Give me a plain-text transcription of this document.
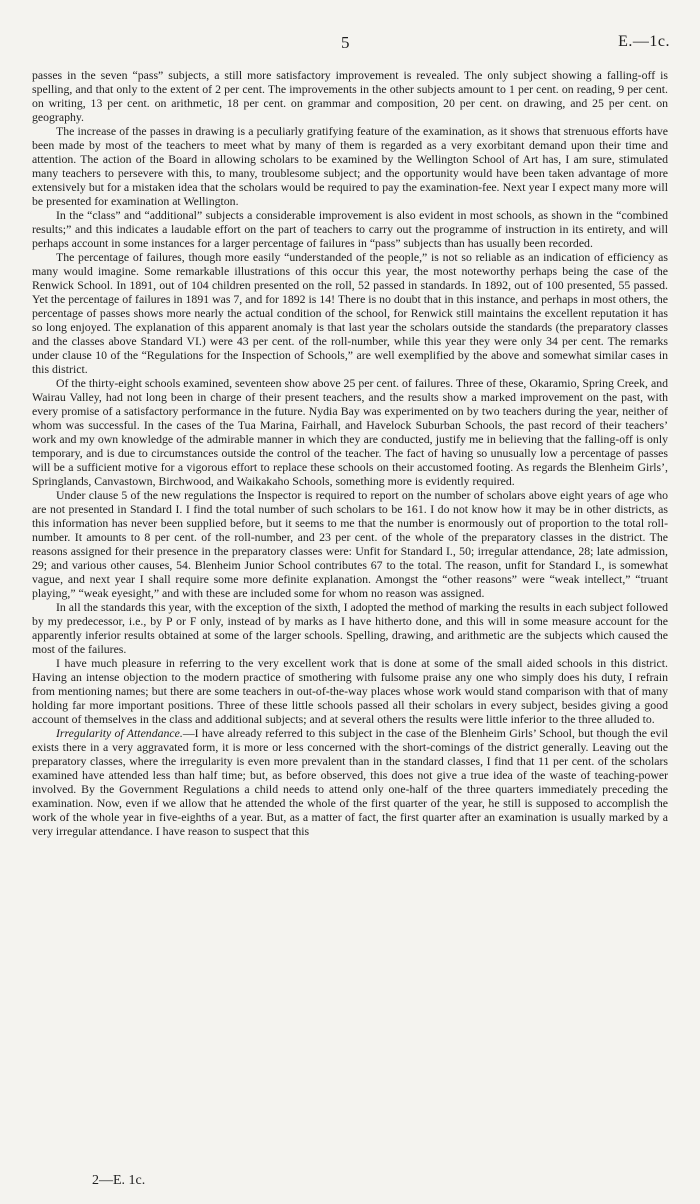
5	E.—1c.

passes in the seven “pass” subjects, a still more satisfactory improvement is revealed. The only subject showing a falling-off is spelling, and that only to the extent of 2 per cent. The improvements in the other subjects amount to 1 per cent. on reading, 9 per cent. on writing, 13 per cent. on arithmetic, 18 per cent. on grammar and composition, 20 per cent. on drawing, and 25 per cent. on geography.

The increase of the passes in drawing is a peculiarly gratifying feature of the examination, as it shows that strenuous efforts have been made by most of the teachers to meet what by many of them is regarded as a very exorbitant demand upon their time and attention. The action of the Board in allowing scholars to be examined by the Wellington School of Art has, I am sure, stimulated many teachers to persevere with this, to many, troublesome subject; and the opportunity would have been taken advantage of more extensively but for a mistaken idea that the scholars would be required to pay the examination-fee. Next year I expect many more will be presented for examination at Wellington.

In the “class” and “additional” subjects a considerable improvement is also evident in most schools, as shown in the “combined results;” and this indicates a laudable effort on the part of teachers to carry out the programme of instruction in its entirety, and will perhaps account in some instances for a larger percentage of failures in “pass” subjects than has usually been recorded.

The percentage of failures, though more easily “understanded of the people,” is not so reliable as an indication of efficiency as many would imagine. Some remarkable illustrations of this occur this year, the most noteworthy perhaps being the case of the Renwick School. In 1891, out of 104 children presented on the roll, 52 passed in standards. In 1892, out of 100 presented, 55 passed. Yet the percentage of failures in 1891 was 7, and for 1892 is 14! There is no doubt that in this instance, and perhaps in most others, the percentage of passes shows more nearly the actual condition of the school, for Renwick still maintains the excellent reputation it has so long enjoyed. The explanation of this apparent anomaly is that last year the scholars outside the standards (the preparatory classes and the classes above Standard VI.) were 43 per cent. of the roll-number, while this year they were only 34 per cent. The remarks under clause 10 of the “Regulations for the Inspection of Schools,” are well exemplified by the above and somewhat similar cases in this district.

Of the thirty-eight schools examined, seventeen show above 25 per cent. of failures. Three of these, Okaramio, Spring Creek, and Wairau Valley, had not long been in charge of their present teachers, and the results show a marked improvement on the past, with every promise of a satisfactory performance in the future. Nydia Bay was experimented on by two teachers during the year, neither of whom was successful. In the cases of the Tua Marina, Fairhall, and Havelock Suburban Schools, the past record of their teachers’ work and my own knowledge of the admirable manner in which they are conducted, justify me in believing that the falling-off is only temporary, and is due to circumstances outside the control of the teacher. The fact of having so unusually low a percentage of passes will be a sufficient motive for a vigorous effort to replace these schools on their accustomed footing. As regards the Blenheim Girls’, Springlands, Canvastown, Birchwood, and Waikakaho Schools, something more is evidently required.

Under clause 5 of the new regulations the Inspector is required to report on the number of scholars above eight years of age who are not presented in Standard I. I find the total number of such scholars to be 161. I do not know how it may be in other districts, as this information has never been supplied before, but it seems to me that the number is enormously out of proportion to the total roll-number. It amounts to 8 per cent. of the roll-number, and 23 per cent. of the whole of the preparatory classes in the district. The reasons assigned for their presence in the preparatory classes were: Unfit for Standard I., 50; irregular attendance, 28; late admission, 29; and various other causes, 54. Blenheim Junior School contributes 67 to the total. The reason, unfit for Standard I., is somewhat vague, and next year I shall require some more definite explanation. Amongst the “other reasons” were “weak intellect,” “truant playing,” “weak eyesight,” and with these are included some for whom no reason was assigned.

In all the standards this year, with the exception of the sixth, I adopted the method of marking the results in each subject followed by my predecessor, i.e., by P or F only, instead of by marks as I have hitherto done, and this will in some measure account for the apparently inferior results obtained at some of the larger schools. Spelling, drawing, and arithmetic are the subjects which caused the most of the failures.

I have much pleasure in referring to the very excellent work that is done at some of the small aided schools in this district. Having an intense objection to the modern practice of smothering with fulsome praise any one who simply does his duty, I refrain from mentioning names; but there are some teachers in out-of-the-way places whose work would stand comparison with that of many holding far more important positions. Three of these little schools passed all their scholars in every subject, besides giving a good account of themselves in the class and additional subjects; and at several others the results were little inferior to the three alluded to.

Irregularity of Attendance.—I have already referred to this subject in the case of the Blenheim Girls’ School, but though the evil exists there in a very aggravated form, it is more or less concerned with the short-comings of the district generally. Leaving out the preparatory classes, where the irregularity is even more prevalent than in the standard classes, I find that 11 per cent. of the scholars examined have attended less than half time; but, as before observed, this does not give a true idea of the waste of teaching-power involved. By the Government Regulations a child needs to attend only one-half of the three quarters immediately preceding the examination. Now, even if we allow that he attended the whole of the first quarter of the year, he still is supposed to accomplish the work of the whole year in five-eighths of a year. But, as a matter of fact, the first quarter after an examination is usually marked by a very irregular attendance. I have reason to suspect that this

2—E. 1c.
